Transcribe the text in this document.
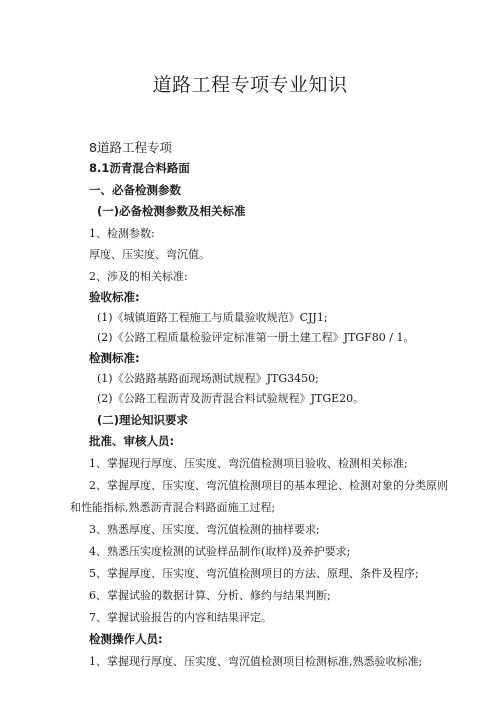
道路工程专项专业知识
8道路工程专项
8.1沥青混合料路面
一、必备检测参数
(一)必备检测参数及相关标准
1、检测参数:
厚度、压实度、弯沉值。
2、涉及的相关标准:
验收标准:
(1)《城镇道路工程施工与质量验收规范》CJJ1;
(2)《公路工程质量检验评定标准第一册土建工程》JTGF80 / 1。
检测标准:
(1)《公路路基路面现场测试规程》JTG3450;
(2)《公路工程沥青及沥青混合料试验规程》JTGE20。
(二)理论知识要求
批准、审核人员:
1、掌握现行厚度、压实度、弯沉值检测项目验收、检测相关标准;
2、掌握厚度、压实度、弯沉值检测项目的基本理论、检测对象的分类原则
和性能指标,熟悉沥青混合料路面施工过程;
3、熟悉厚度、压实度、弯沉值检测的抽样要求;
4、熟悉压实度检测的试验样品制作(取样)及养护要求;
5、掌握厚度、压实度、弯沉值检测项目的方法、原理、条件及程序;
6、掌握试验的数据计算、分析、修约与结果判断;
7、掌握试验报告的内容和结果评定。
检测操作人员:
1、掌握现行厚度、压实度、弯沉值检测项目检测标准,熟悉验收标准;
